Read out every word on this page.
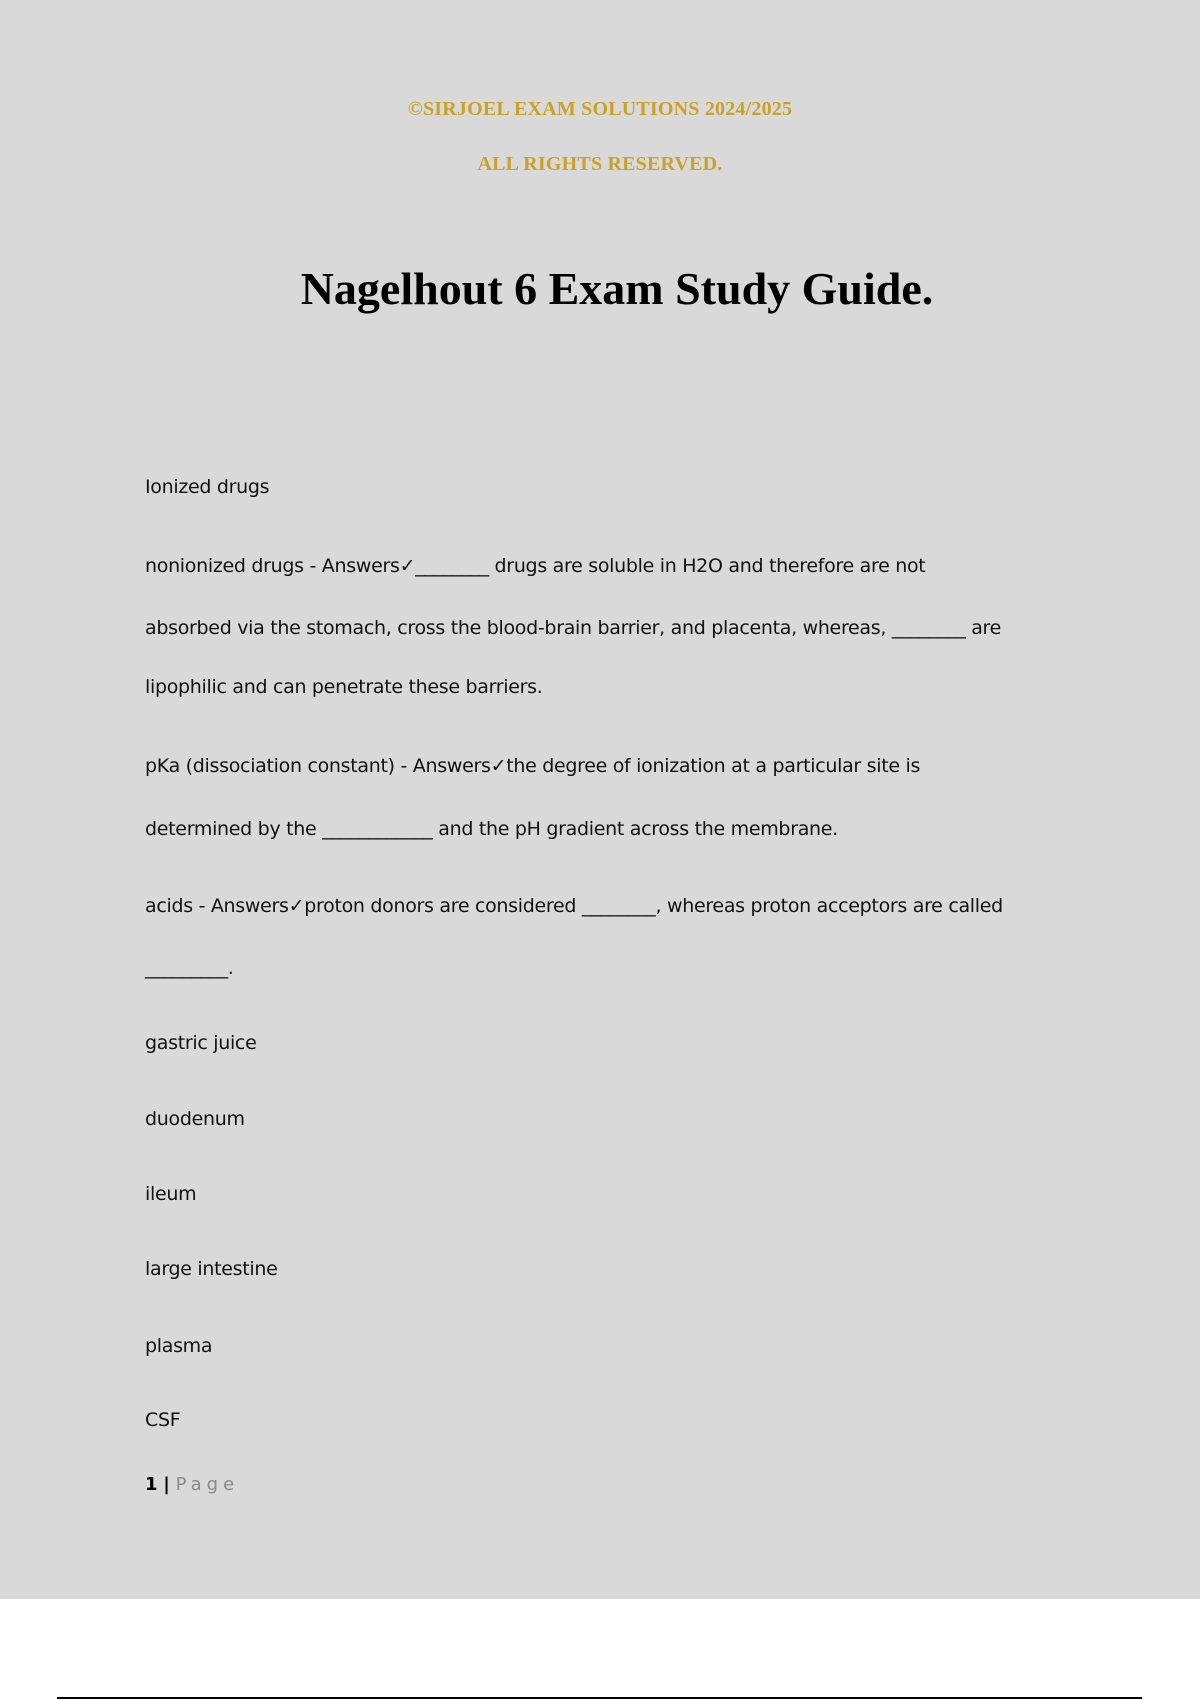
©SIRJOEL EXAM SOLUTIONS 2024/2025
ALL RIGHTS RESERVED.
Nagelhout 6 Exam Study Guide.
Ionized drugs
nonionized drugs - Answers✓________ drugs are soluble in H2O and therefore are not
absorbed via the stomach, cross the blood-brain barrier, and placenta, whereas, ________ are
lipophilic and can penetrate these barriers.
pKa (dissociation constant) - Answers✓the degree of ionization at a particular site is
determined by the ____________ and the pH gradient across the membrane.
acids - Answers✓proton donors are considered ________, whereas proton acceptors are called
_________.
gastric juice
duodenum
ileum
large intestine
plasma
CSF
1 | Page
